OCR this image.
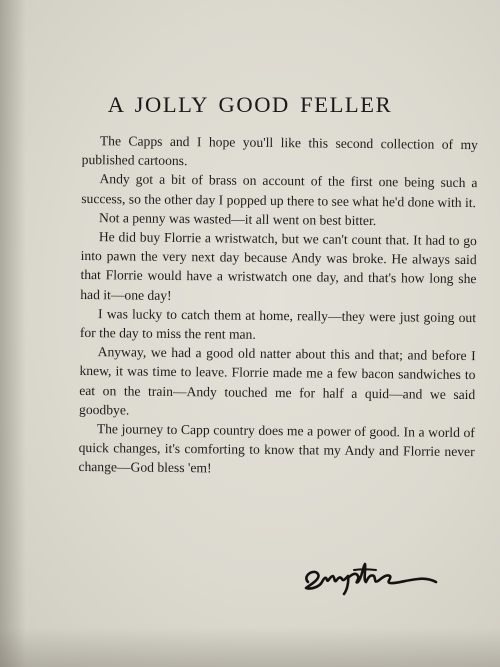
A JOLLY GOOD FELLER

The Capps and I hope you'll like this second collection of my published cartoons.

Andy got a bit of brass on account of the first one being such a success, so the other day I popped up there to see what he'd done with it.

Not a penny was wasted—it all went on best bitter.

He did buy Florrie a wristwatch, but we can't count that. It had to go into pawn the very next day because Andy was broke. He always said that Florrie would have a wristwatch one day, and that's how long she had it—one day!

I was lucky to catch them at home, really—they were just going out for the day to miss the rent man.

Anyway, we had a good old natter about this and that; and before I knew, it was time to leave. Florrie made me a few bacon sandwiches to eat on the train—Andy touched me for half a quid—and we said goodbye.

The journey to Capp country does me a power of good. In a world of quick changes, it's comforting to know that my Andy and Florrie never change—God bless 'em!
